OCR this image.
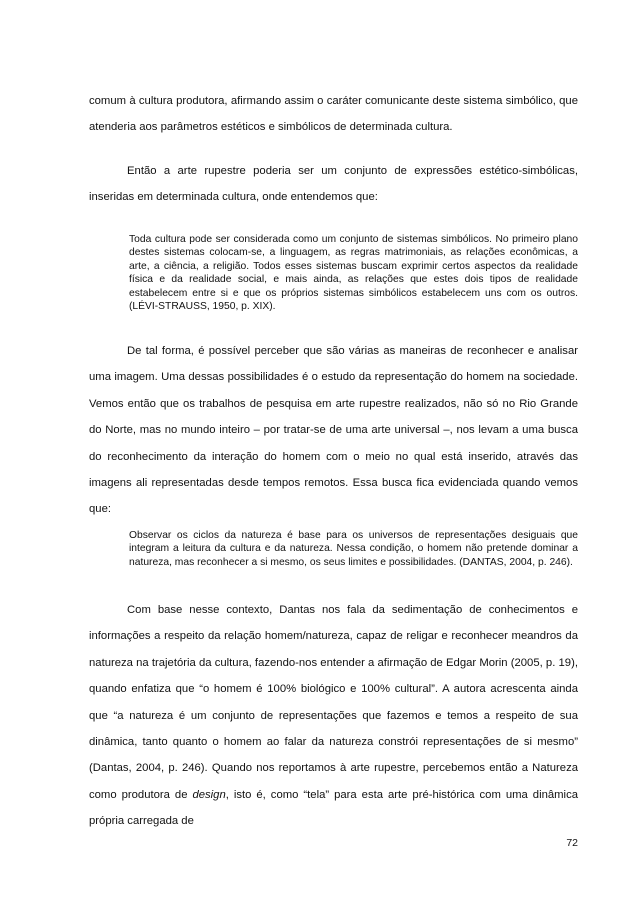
comum à cultura produtora, afirmando assim o caráter comunicante deste sistema simbólico, que atenderia aos parâmetros estéticos e simbólicos de determinada cultura.

Então a arte rupestre poderia ser um conjunto de expressões estético-simbólicas, inseridas em determinada cultura, onde entendemos que:

Toda cultura pode ser considerada como um conjunto de sistemas simbólicos. No primeiro plano destes sistemas colocam-se, a linguagem, as regras matrimoniais, as relações econômicas, a arte, a ciência, a religião. Todos esses sistemas buscam exprimir certos aspectos da realidade física e da realidade social, e mais ainda, as relações que estes dois tipos de realidade estabelecem entre si e que os próprios sistemas simbólicos estabelecem uns com os outros. (LÉVI-STRAUSS, 1950, p. XIX).

De tal forma, é possível perceber que são várias as maneiras de reconhecer e analisar uma imagem. Uma dessas possibilidades é o estudo da representação do homem na sociedade. Vemos então que os trabalhos de pesquisa em arte rupestre realizados, não só no Rio Grande do Norte, mas no mundo inteiro – por tratar-se de uma arte universal –, nos levam a uma busca do reconhecimento da interação do homem com o meio no qual está inserido, através das imagens ali representadas desde tempos remotos. Essa busca fica evidenciada quando vemos que:

Observar os ciclos da natureza é base para os universos de representações desiguais que integram a leitura da cultura e da natureza. Nessa condição, o homem não pretende dominar a natureza, mas reconhecer a si mesmo, os seus limites e possibilidades. (DANTAS, 2004, p. 246).

Com base nesse contexto, Dantas nos fala da sedimentação de conhecimentos e informações a respeito da relação homem/natureza, capaz de religar e reconhecer meandros da natureza na trajetória da cultura, fazendo-nos entender a afirmação de Edgar Morin (2005, p. 19), quando enfatiza que “o homem é 100% biológico e 100% cultural”. A autora acrescenta ainda que “a natureza é um conjunto de representações que fazemos e temos a respeito de sua dinâmica, tanto quanto o homem ao falar da natureza constrói representações de si mesmo” (Dantas, 2004, p. 246). Quando nos reportamos à arte rupestre, percebemos então a Natureza como produtora de design, isto é, como “tela” para esta arte pré-histórica com uma dinâmica própria carregada de

72
